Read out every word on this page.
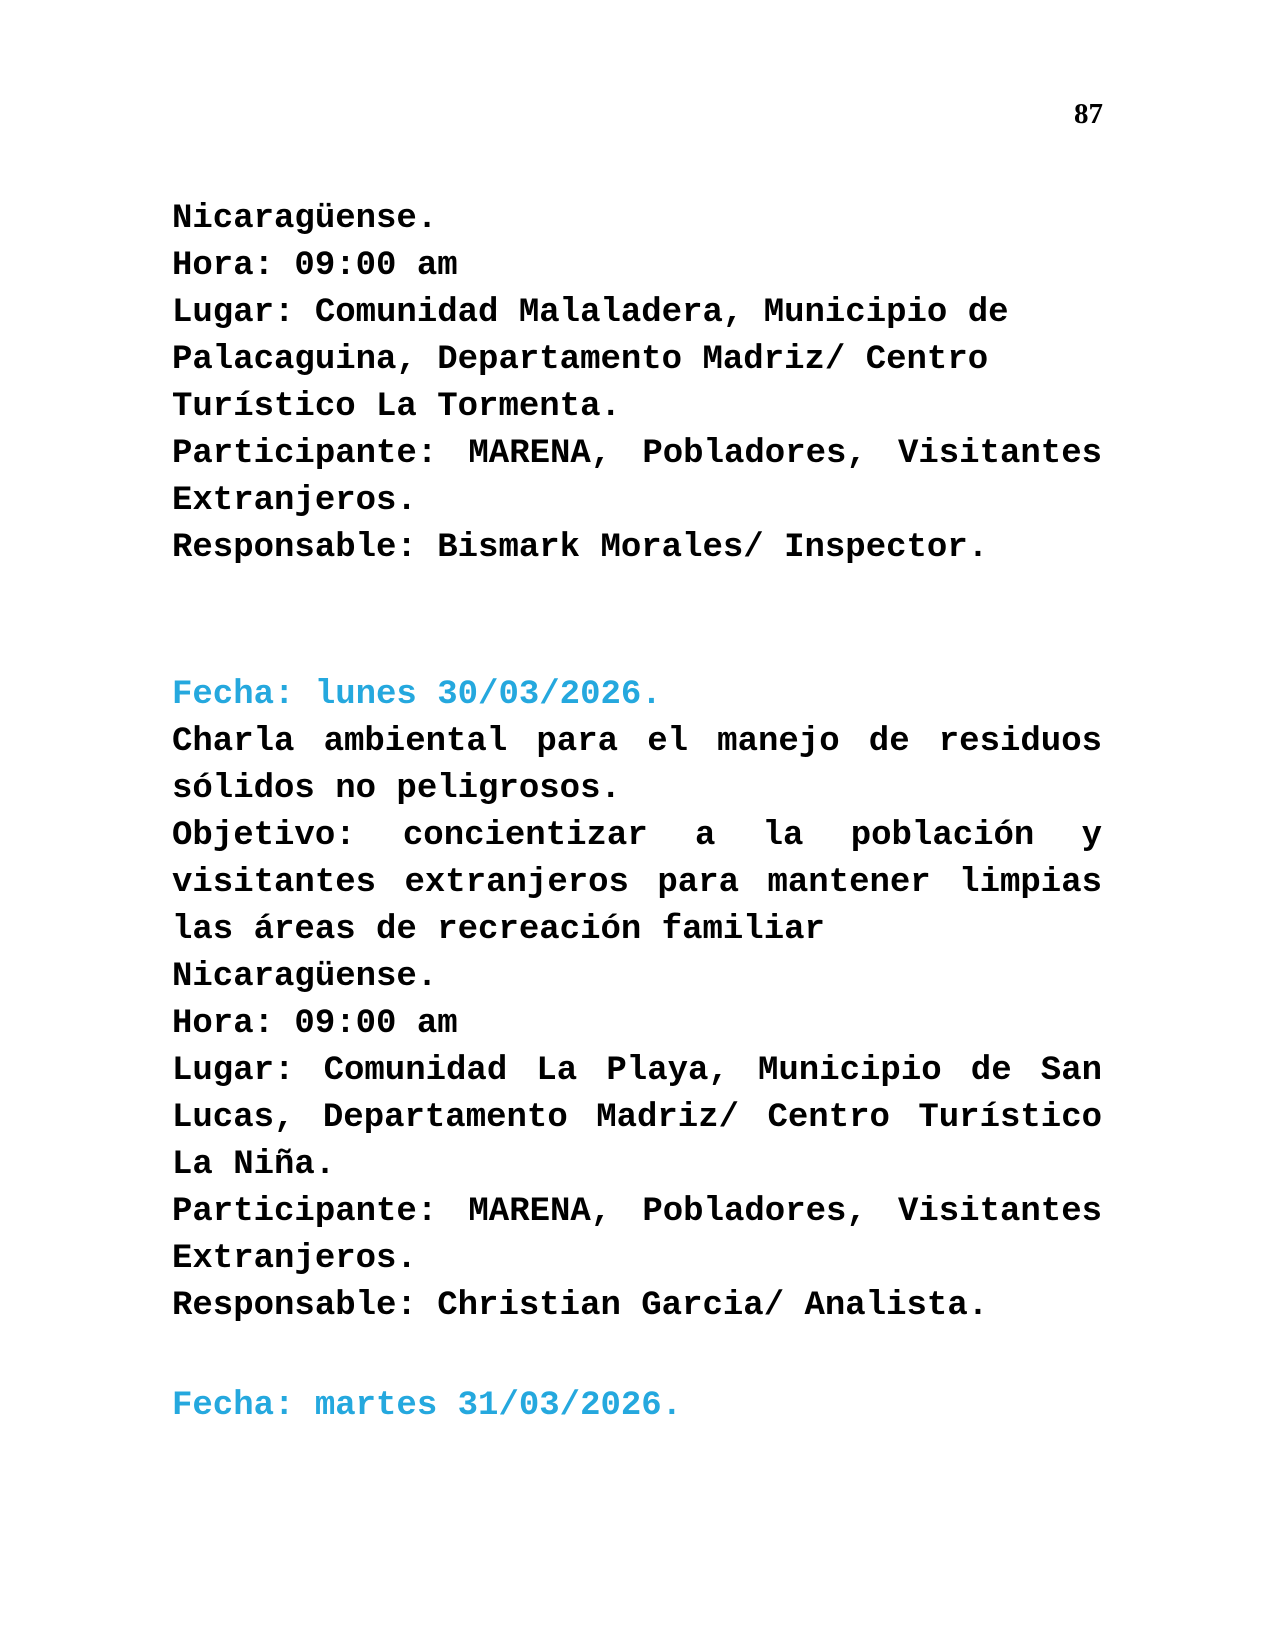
87
Nicaragüense.
Hora: 09:00 am
Lugar: Comunidad Malaladera, Municipio de
Palacaguina, Departamento Madriz/ Centro
Turístico La Tormenta.
Participante: MARENA, Pobladores, Visitantes
Extranjeros.
Responsable: Bismark Morales/ Inspector.
Fecha: lunes 30/03/2026.
Charla ambiental para el manejo de residuos
sólidos no peligrosos.
Objetivo: concientizar a la población y
visitantes extranjeros para mantener limpias
las áreas de recreación familiar
Nicaragüense.
Hora: 09:00 am
Lugar: Comunidad La Playa, Municipio de San
Lucas, Departamento Madriz/ Centro Turístico
La Niña.
Participante: MARENA, Pobladores, Visitantes
Extranjeros.
Responsable: Christian Garcia/ Analista.
Fecha: martes 31/03/2026.
